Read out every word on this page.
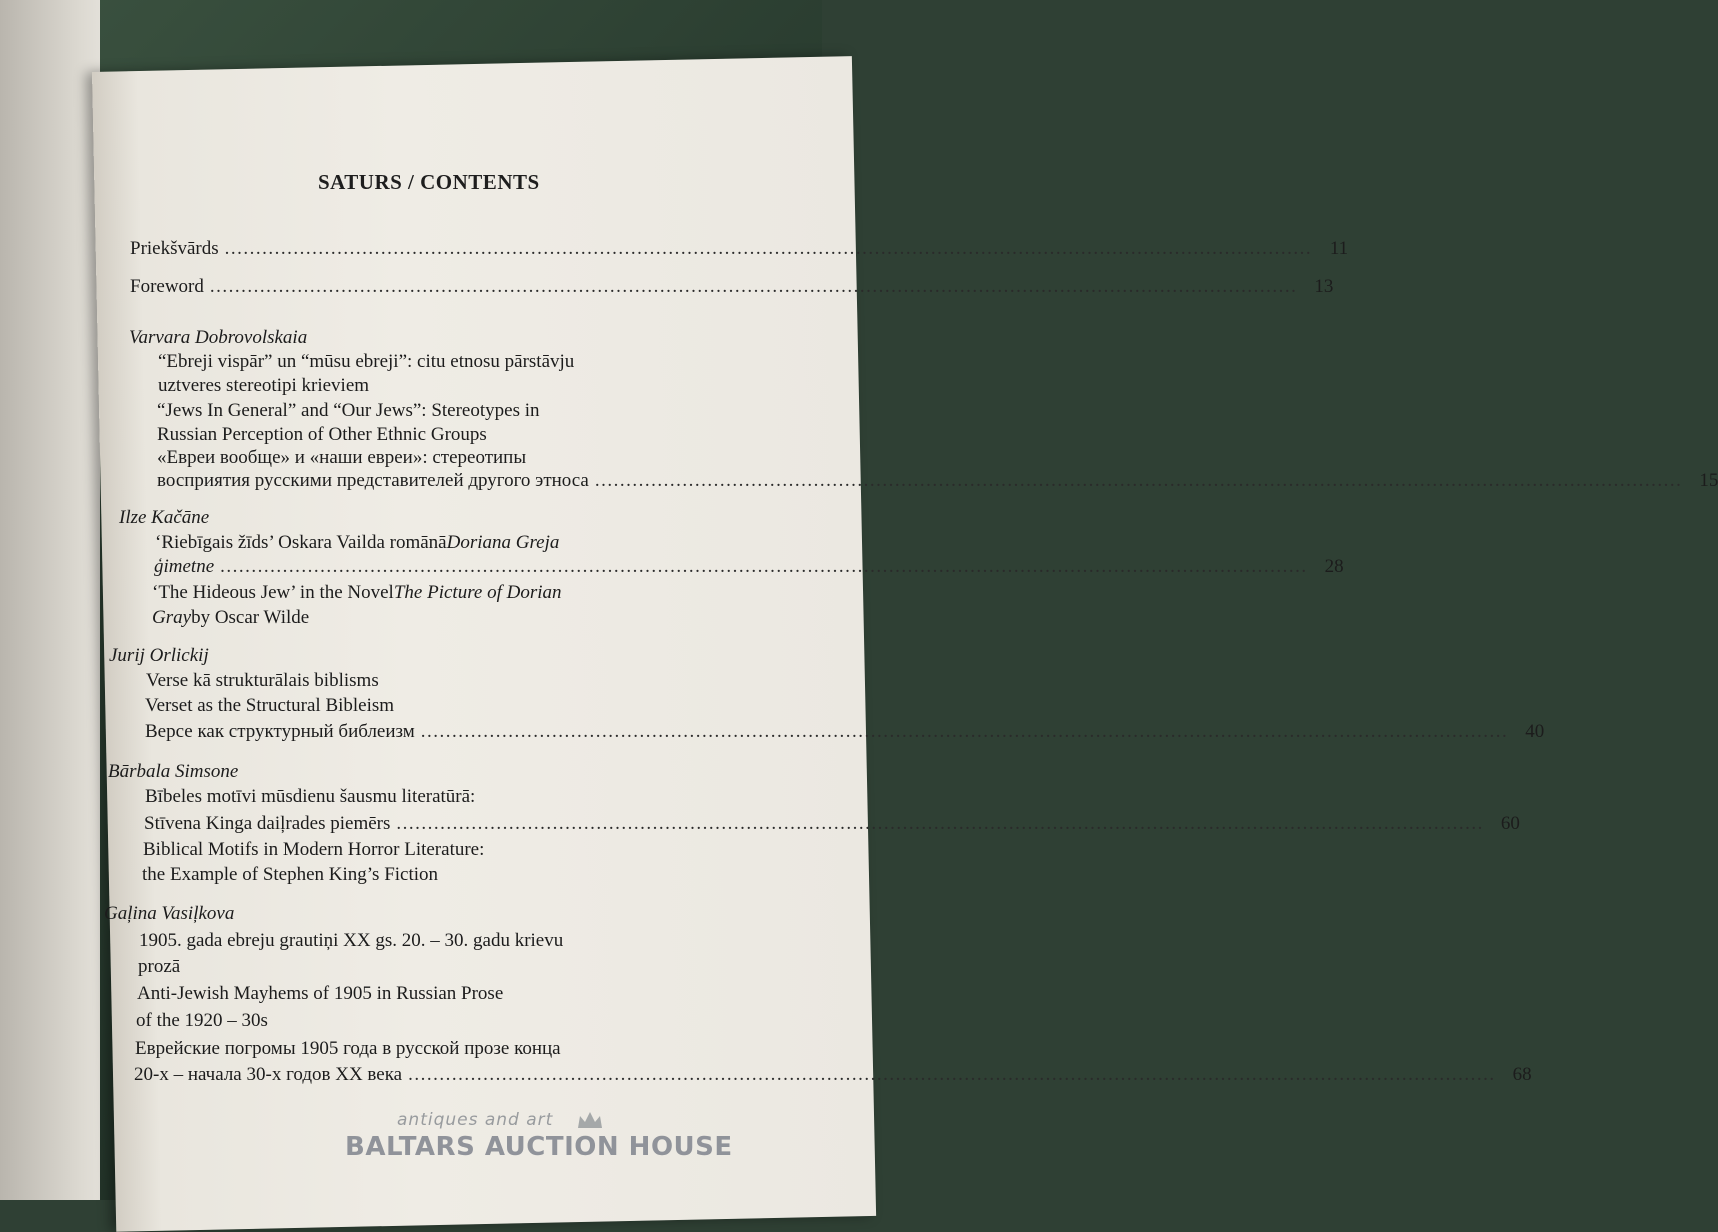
SATURS / CONTENTS
Priekšvārds .............................................................................................................................................................................. 11
Foreword .............................................................................................................................................................................. 13
Varvara Dobrovolskaia
“Ebreji vispār” un “mūsu ebreji”: citu etnosu pārstāvju
uztveres stereotipi krieviem
“Jews In General” and “Our Jews”: Stereotypes in
Russian Perception of Other Ethnic Groups
«Евреи вообще» и «наши евреи»: стереотипы
восприятия русскими представителей другого этноса .............................................................................................................................................................................. 15
Ilze Kačāne
‘Riebīgais žīds’ Oskara Vailda romānā Doriana Greja
ģimetne .............................................................................................................................................................................. 28
‘The Hideous Jew’ in the Novel The Picture of Dorian
Gray by Oscar Wilde
Jurij Orlickij
Verse kā strukturālais biblisms
Verset as the Structural Bibleism
Версе как структурный библеизм .............................................................................................................................................................................. 40
Bārbala Simsone
Bībeles motīvi mūsdienu šausmu literatūrā:
Stīvena Kinga daiļrades piemērs .............................................................................................................................................................................. 60
Biblical Motifs in Modern Horror Literature:
the Example of Stephen King’s Fiction
Gaļina Vasiļkova
1905. gada ebreju grautiņi XX gs. 20. – 30. gadu krievu
prozā
Anti-Jewish Mayhems of 1905 in Russian Prose
of the 1920 – 30s
Еврейские погромы 1905 года в русской прозе конца
20-х – начала 30-х годов XX века .............................................................................................................................................................................. 68
antiques and art
BALTARS AUCTION HOUSE
